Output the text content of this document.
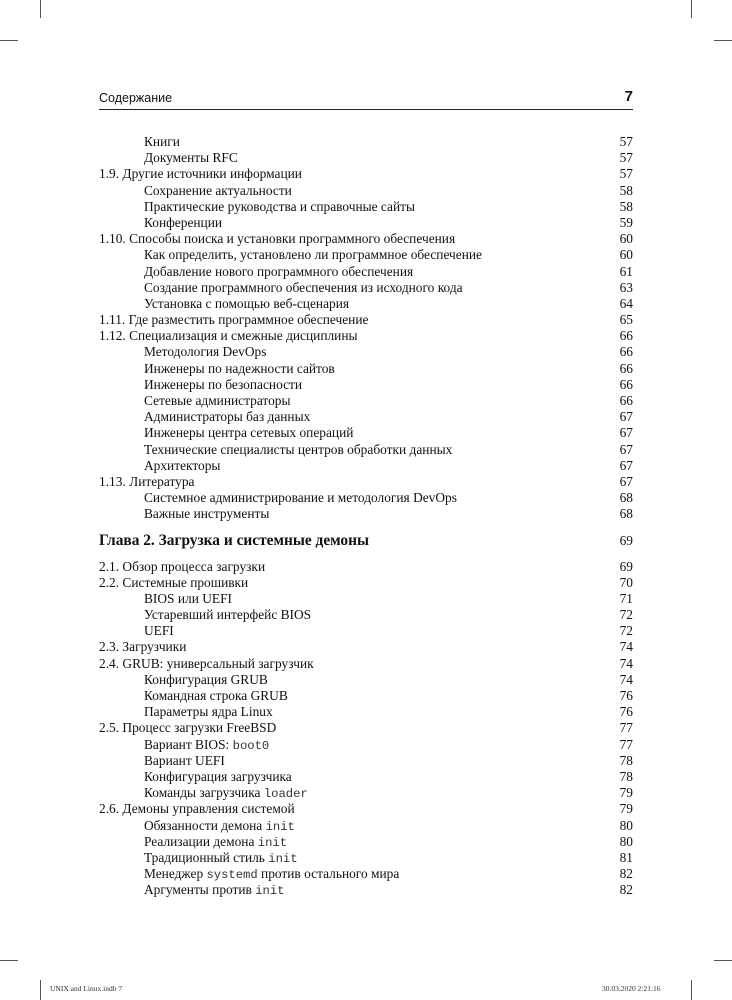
Содержание	7
Книги	57
Документы RFC	57
1.9. Другие источники информации	57
Сохранение актуальности	58
Практические руководства и справочные сайты	58
Конференции	59
1.10. Способы поиска и установки программного обеспечения	60
Как определить, установлено ли программное обеспечение	60
Добавление нового программного обеспечения	61
Создание программного обеспечения из исходного кода	63
Установка с помощью веб-сценария	64
1.11. Где разместить программное обеспечение	65
1.12. Специализация и смежные дисциплины	66
Методология DevOps	66
Инженеры по надежности сайтов	66
Инженеры по безопасности	66
Сетевые администраторы	66
Администраторы баз данных	67
Инженеры центра сетевых операций	67
Технические специалисты центров обработки данных	67
Архитекторы	67
1.13. Литература	67
Системное администрирование и методология DevOps	68
Важные инструменты	68
Глава 2. Загрузка и системные демоны	69
2.1. Обзор процесса загрузки	69
2.2. Системные прошивки	70
BIOS или UEFI	71
Устаревший интерфейс BIOS	72
UEFI	72
2.3. Загрузчики	74
2.4. GRUB: универсальный загрузчик	74
Конфигурация GRUB	74
Командная строка GRUB	76
Параметры ядра Linux	76
2.5. Процесс загрузки FreeBSD	77
Вариант BIOS: boot0	77
Вариант UEFI	78
Конфигурация загрузчика	78
Команды загрузчика loader	79
2.6. Демоны управления системой	79
Обязанности демона init	80
Реализации демона init	80
Традиционный стиль init	81
Менеджер systemd против остального мира	82
Аргументы против init	82
UNIX and Linux.indb 7	30.03.2020 2:21:16
